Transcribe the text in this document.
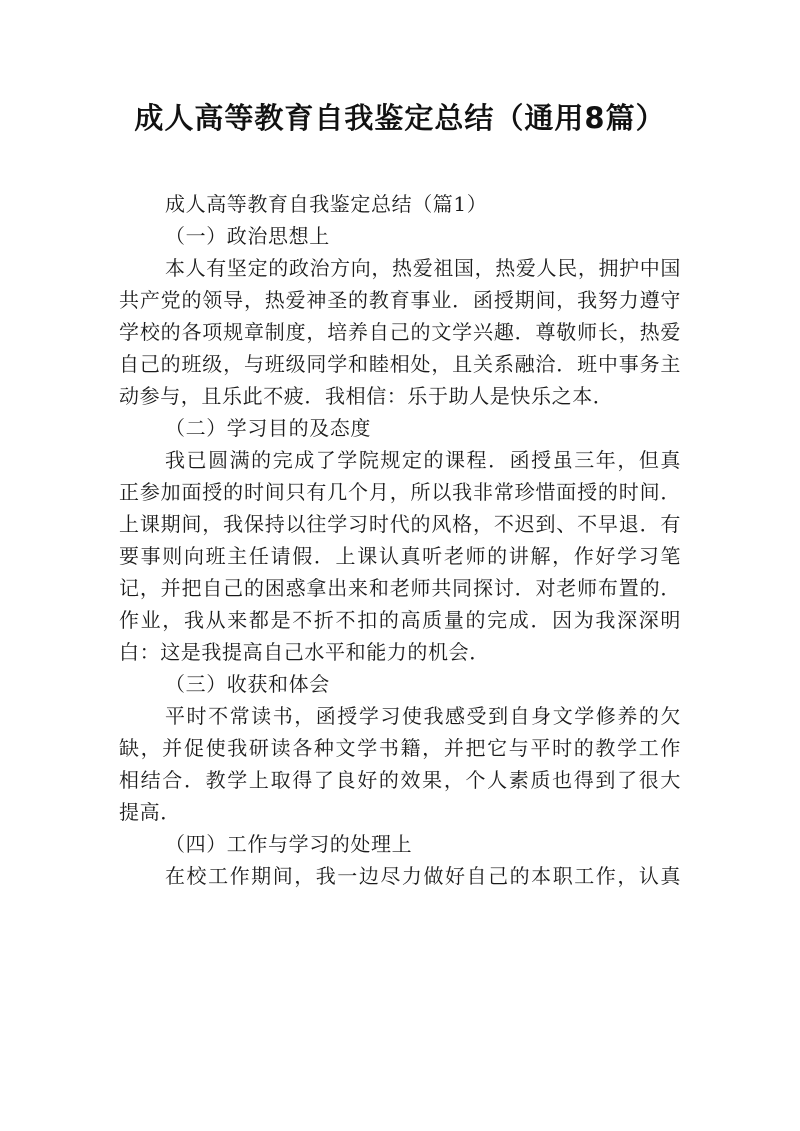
成人高等教育自我鉴定总结（通用8篇）

成人高等教育自我鉴定总结（篇1）

（一）政治思想上

本人有坚定的政治方向，热爱祖国，热爱人民，拥护中国

共产党的领导，热爱神圣的教育事业．函授期间，我努力遵守

学校的各项规章制度，培养自己的文学兴趣．尊敬师长，热爱

自己的班级，与班级同学和睦相处，且关系融洽．班中事务主

动参与，且乐此不疲．我相信：乐于助人是快乐之本．

（二）学习目的及态度

我已圆满的完成了学院规定的课程．函授虽三年，但真

正参加面授的时间只有几个月，所以我非常珍惜面授的时间．

上课期间，我保持以往学习时代的风格，不迟到、不早退．有

要事则向班主任请假．上课认真听老师的讲解，作好学习笔

记，并把自己的困惑拿出来和老师共同探讨．对老师布置的．

作业，我从来都是不折不扣的高质量的完成．因为我深深明

白：这是我提高自己水平和能力的机会．

（三）收获和体会

平时不常读书，函授学习使我感受到自身文学修养的欠

缺，并促使我研读各种文学书籍，并把它与平时的教学工作

相结合．教学上取得了良好的效果，个人素质也得到了很大

提高．

（四）工作与学习的处理上

在校工作期间，我一边尽力做好自己的本职工作，认真
